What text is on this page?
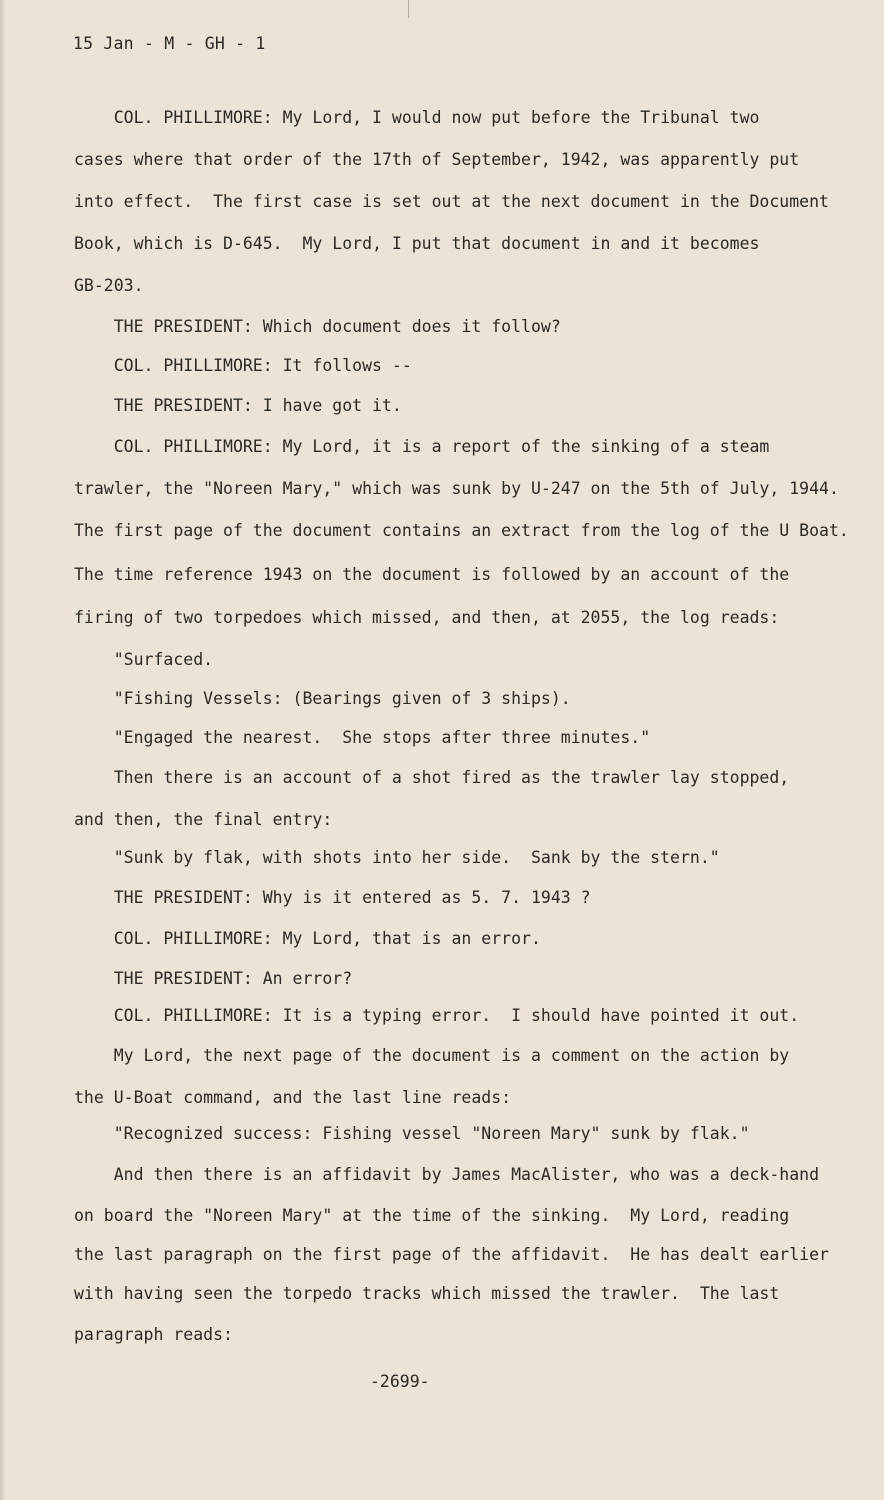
15 Jan - M - GH - 1
COL. PHILLIMORE: My Lord, I would now put before the Tribunal two
cases where that order of the 17th of September, 1942, was apparently put
into effect.  The first case is set out at the next document in the Document
Book, which is D-645.  My Lord, I put that document in and it becomes
GB-203.
THE PRESIDENT: Which document does it follow?
COL. PHILLIMORE: It follows --
THE PRESIDENT: I have got it.
COL. PHILLIMORE: My Lord, it is a report of the sinking of a steam
trawler, the "Noreen Mary," which was sunk by U-247 on the 5th of July, 1944.
The first page of the document contains an extract from the log of the U Boat.
The time reference 1943 on the document is followed by an account of the
firing of two torpedoes which missed, and then, at 2055, the log reads:
"Surfaced.
"Fishing Vessels: (Bearings given of 3 ships).
"Engaged the nearest.  She stops after three minutes."
Then there is an account of a shot fired as the trawler lay stopped,
and then, the final entry:
"Sunk by flak, with shots into her side.  Sank by the stern."
THE PRESIDENT: Why is it entered as 5. 7. 1943 ?
COL. PHILLIMORE: My Lord, that is an error.
THE PRESIDENT: An error?
COL. PHILLIMORE: It is a typing error.  I should have pointed it out.
My Lord, the next page of the document is a comment on the action by
the U-Boat command, and the last line reads:
"Recognized success: Fishing vessel "Noreen Mary" sunk by flak."
And then there is an affidavit by James MacAlister, who was a deck-hand
on board the "Noreen Mary" at the time of the sinking.  My Lord, reading
the last paragraph on the first page of the affidavit.  He has dealt earlier
with having seen the torpedo tracks which missed the trawler.  The last
paragraph reads:
-2699-
